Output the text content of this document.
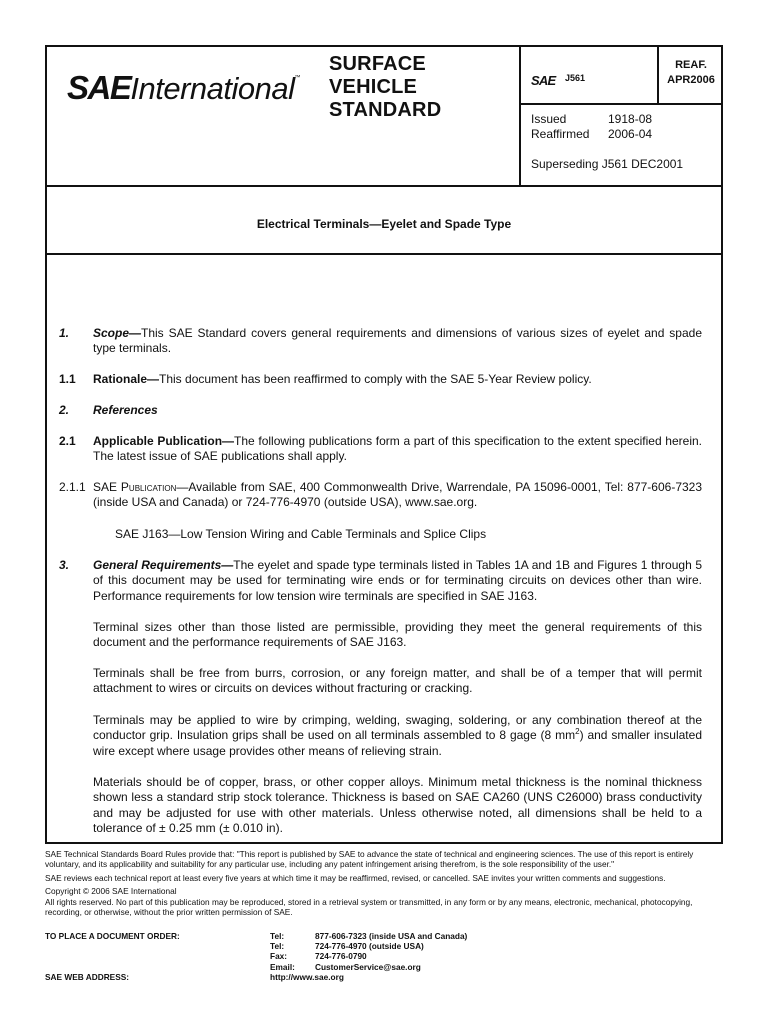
SAEInternational™
SURFACE
VEHICLE
STANDARD
SAE J561
REAF.
APR2006
Issued	1918-08
Reaffirmed 2006-04
Superseding J561 DEC2001
Electrical Terminals—Eyelet and Spade Type
1. Scope—This SAE Standard covers general requirements and dimensions of various sizes of eyelet and spade type terminals.
1.1 Rationale—This document has been reaffirmed to comply with the SAE 5-Year Review policy.
2. References
2.1 Applicable Publication—The following publications form a part of this specification to the extent specified herein. The latest issue of SAE publications shall apply.
2.1.1 SAE Publication—Available from SAE, 400 Commonwealth Drive, Warrendale, PA 15096-0001, Tel: 877-606-7323 (inside USA and Canada) or 724-776-4970 (outside USA), www.sae.org.
SAE J163—Low Tension Wiring and Cable Terminals and Splice Clips
3. General Requirements—The eyelet and spade type terminals listed in Tables 1A and 1B and Figures 1 through 5 of this document may be used for terminating wire ends or for terminating circuits on devices other than wire. Performance requirements for low tension wire terminals are specified in SAE J163.
Terminal sizes other than those listed are permissible, providing they meet the general requirements of this document and the performance requirements of SAE J163.
Terminals shall be free from burrs, corrosion, or any foreign matter, and shall be of a temper that will permit attachment to wires or circuits on devices without fracturing or cracking.
Terminals may be applied to wire by crimping, welding, swaging, soldering, or any combination thereof at the conductor grip. Insulation grips shall be used on all terminals assembled to 8 gage (8 $mm^2$) and smaller insulated wire except where usage provides other means of relieving strain.
Materials should be of copper, brass, or other copper alloys. Minimum metal thickness is the nominal thickness shown less a standard strip stock tolerance. Thickness is based on SAE CA260 (UNS C26000) brass conductivity and may be adjusted for use with other materials. Unless otherwise noted, all dimensions shall be held to a tolerance of ± 0.25 mm (± 0.010 in).

SAE Technical Standards Board Rules provide that: "This report is published by SAE to advance the state of technical and engineering sciences. The use of this report is entirely voluntary, and its applicability and suitability for any particular use, including any patent infringement arising therefrom, is the sole responsibility of the user."

SAE reviews each technical report at least every five years at which time it may be reaffirmed, revised, or cancelled. SAE invites your written comments and suggestions.

Copyright © 2006 SAE International

All rights reserved. No part of this publication may be reproduced, stored in a retrieval system or transmitted, in any form or by any means, electronic, mechanical, photocopying, recording, or otherwise, without the prior written permission of SAE.

TO PLACE A DOCUMENT ORDER:
SAE WEB ADDRESS:
Tel:	877-606-7323 (inside USA and Canada)
Tel:	724-776-4970 (outside USA)
Fax:	724-776-0790
Email: CustomerService@sae.org
http://www.sae.org
